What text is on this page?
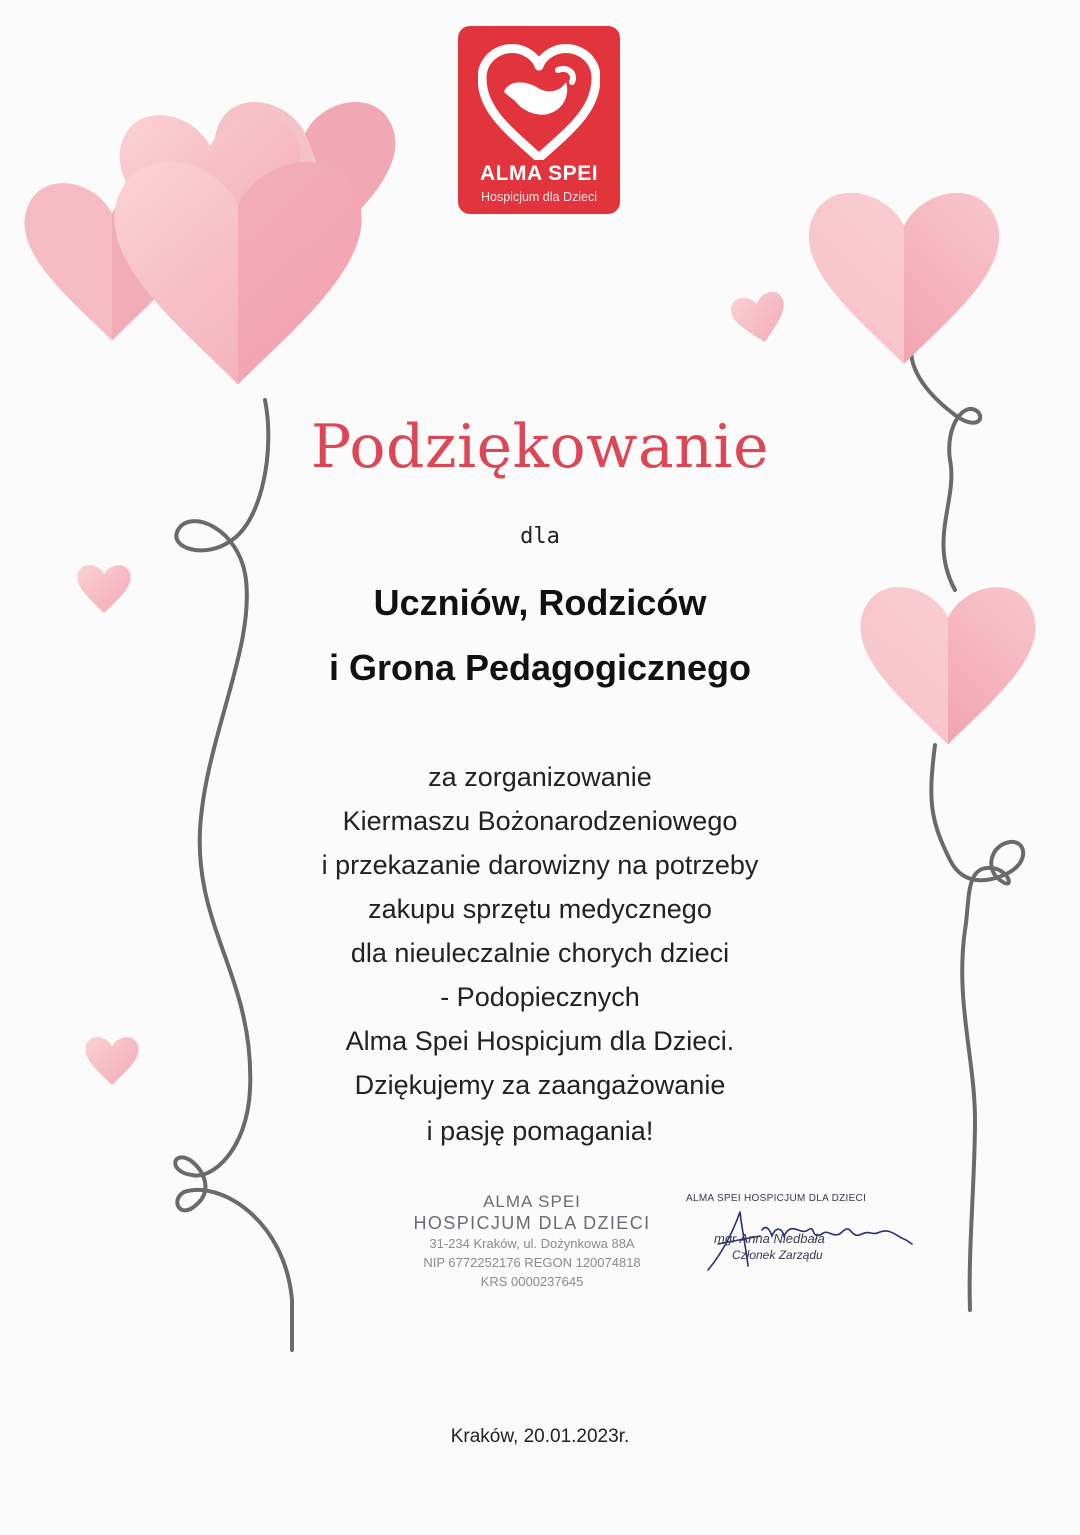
ALMA SPEI
Hospicjum dla Dzieci
Podziękowanie
dla
Uczniów, Rodziców
i Grona Pedagogicznego
za zorganizowanie
Kiermaszu Bożonarodzeniowego
i przekazanie darowizny na potrzeby
zakupu sprzętu medycznego
dla nieuleczalnie chorych dzieci
- Podopiecznych
Alma Spei Hospicjum dla Dzieci.
Dziękujemy za zaangażowanie
i pasję pomagania!
ALMA SPEI
HOSPICJUM DLA DZIECI
31-234 Kraków, ul. Dożynkowa 88A
NIP 6772252176 REGON 120074818
KRS 0000237645
ALMA SPEI HOSPICJUM DLA DZIECI
mgr Anna Niedbała
Członek Zarządu
Kraków, 20.01.2023r.
